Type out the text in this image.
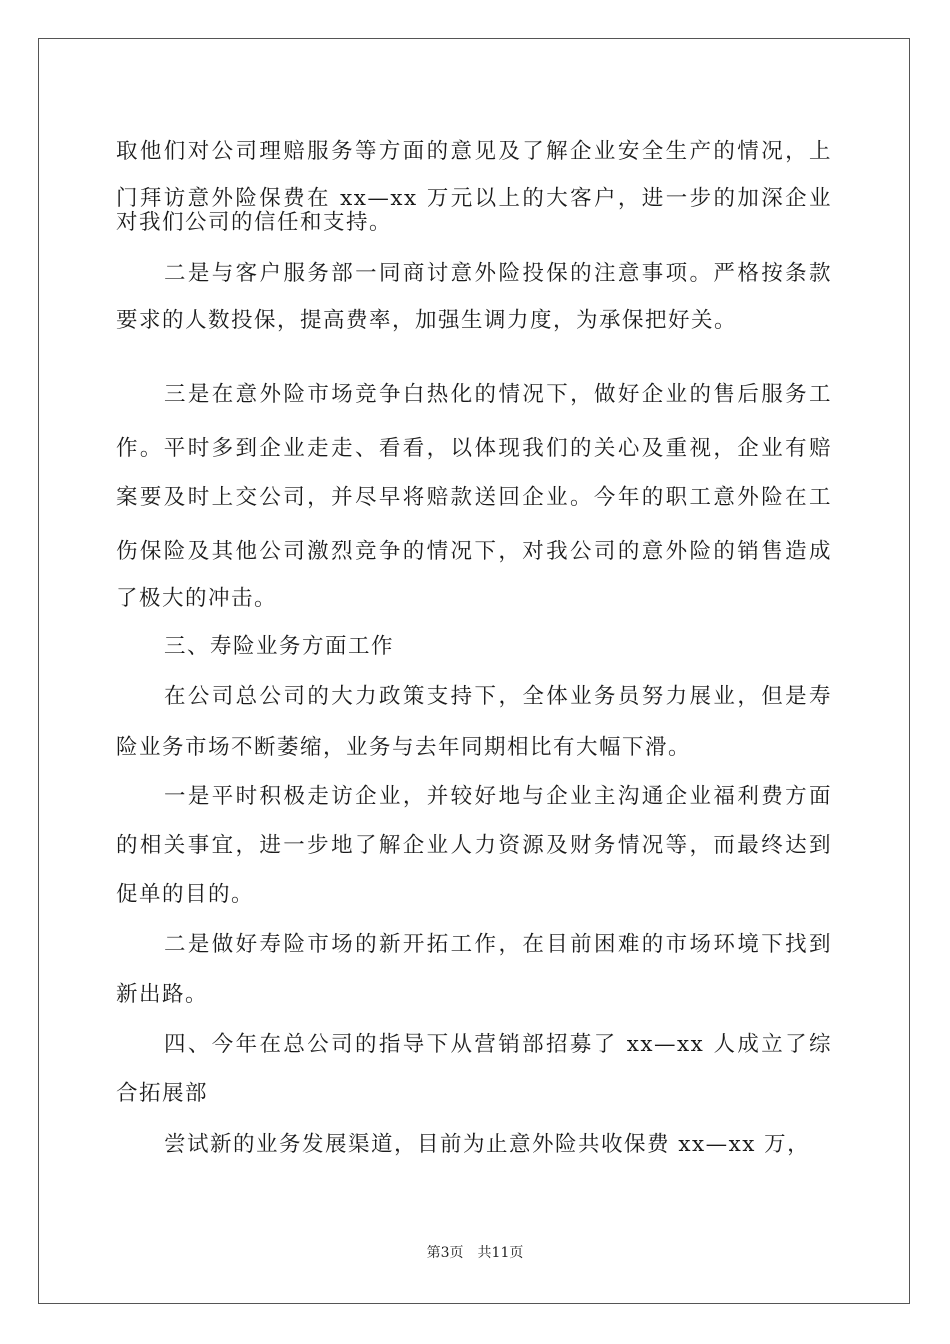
取他们对公司理赔服务等方面的意见及了解企业安全生产的情况，上
门拜访意外险保费在 xx—xx 万元以上的大客户，进一步的加深企业
对我们公司的信任和支持。
二是与客户服务部一同商讨意外险投保的注意事项。严格按条款
要求的人数投保，提高费率，加强生调力度，为承保把好关。
三是在意外险市场竞争白热化的情况下，做好企业的售后服务工
作。平时多到企业走走、看看，以体现我们的关心及重视，企业有赔
案要及时上交公司，并尽早将赔款送回企业。今年的职工意外险在工
伤保险及其他公司激烈竞争的情况下，对我公司的意外险的销售造成
了极大的冲击。
三、寿险业务方面工作
在公司总公司的大力政策支持下，全体业务员努力展业，但是寿
险业务市场不断萎缩，业务与去年同期相比有大幅下滑。
一是平时积极走访企业，并较好地与企业主沟通企业福利费方面
的相关事宜，进一步地了解企业人力资源及财务情况等，而最终达到
促单的目的。
二是做好寿险市场的新开拓工作，在目前困难的市场环境下找到
新出路。
四、今年在总公司的指导下从营销部招募了 xx—xx 人成立了综
合拓展部
尝试新的业务发展渠道，目前为止意外险共收保费 xx—xx 万，
第3页　共11页
